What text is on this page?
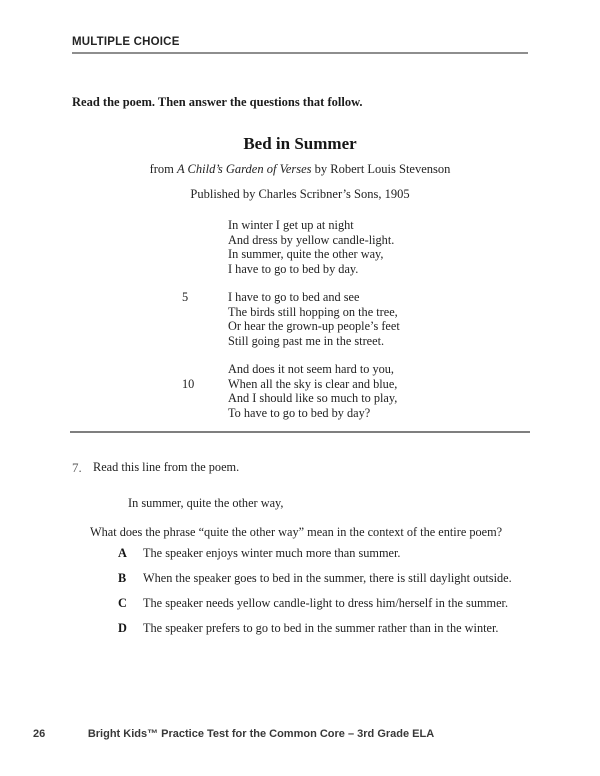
MULTIPLE CHOICE
Read the poem. Then answer the questions that follow.
Bed in Summer
from A Child’s Garden of Verses by Robert Louis Stevenson
Published by Charles Scribner’s Sons, 1905
In winter I get up at night
And dress by yellow candle-light.
In summer, quite the other way,
I have to go to bed by day.
5	I have to go to bed and see
The birds still hopping on the tree,
Or hear the grown-up people’s feet
Still going past me in the street.
And does it not seem hard to you,
10	When all the sky is clear and blue,
And I should like so much to play,
To have to go to bed by day?
7. Read this line from the poem.
In summer, quite the other way,
What does the phrase “quite the other way” mean in the context of the entire poem?
A	The speaker enjoys winter much more than summer.
B	When the speaker goes to bed in the summer, there is still daylight outside.
C	The speaker needs yellow candle-light to dress him/herself in the summer.
D	The speaker prefers to go to bed in the summer rather than in the winter.
26	Bright Kids™ Practice Test for the Common Core – 3rd Grade ELA
